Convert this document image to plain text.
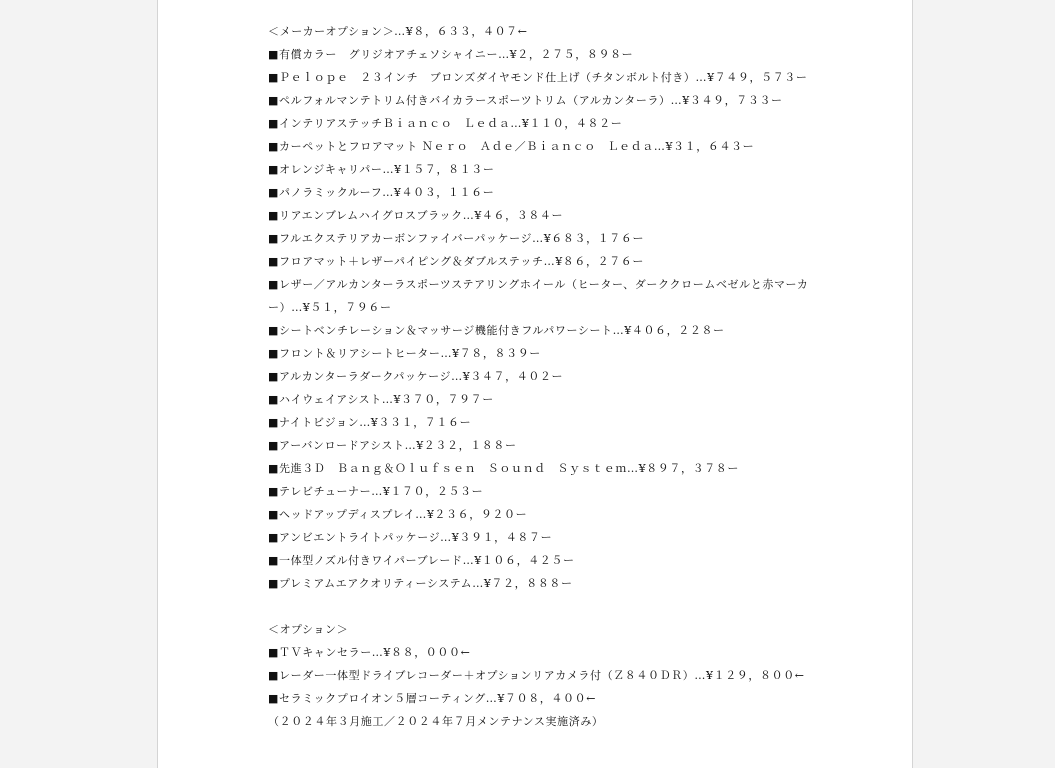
＜メーカーオプション＞…¥８，６３３，４０７←
■有償カラー　グリジオアチェソシャイニー…¥２，２７５，８９８ー
■Ｐｅｌｏｐｅ　２３インチ　ブロンズダイヤモンド仕上げ（チタンボルト付き）…¥７４９，５７３ー
■ペルフォルマンテトリム付きバイカラースポーツトリム（アルカンターラ）…¥３４９，７３３ー
■インテリアステッチＢｉａｎｃｏ　Ｌｅｄａ…¥１１０，４８２ー
■カーペットとフロアマット Ｎｅｒｏ　Ａｄｅ／Ｂｉａｎｃｏ　Ｌｅｄａ…¥３１，６４３ー
■オレンジキャリパー…¥１５７，８１３ー
■パノラミックルーフ…¥４０３，１１６ー
■リアエンブレムハイグロスブラック…¥４６，３８４ー
■フルエクステリアカーボンファイバーパッケージ…¥６８３，１７６ー
■フロアマット＋レザーパイピング＆ダブルステッチ…¥８６，２７６ー
■レザー／アルカンターラスポーツステアリングホイール（ヒーター、ダーククロームベゼルと赤マーカー）…¥５１，７９６ー
■シートベンチレーション＆マッサージ機能付きフルパワーシート…¥４０６，２２８ー
■フロント＆リアシートヒーター…¥７８，８３９ー
■アルカンターラダークパッケージ…¥３４７，４０２ー
■ハイウェイアシスト…¥３７０，７９７ー
■ナイトビジョン…¥３３１，７１６ー
■アーバンロードアシスト…¥２３２，１８８ー
■先進３Ｄ　Ｂａｎｇ＆Ｏｌｕｆｓｅｎ　Ｓｏｕｎｄ　Ｓｙｓｔｅｍ…¥８９７，３７８ー
■テレビチューナー…¥１７０，２５３ー
■ヘッドアップディスプレイ…¥２３６，９２０ー
■アンビエントライトパッケージ…¥３９１，４８７ー
■一体型ノズル付きワイパーブレード…¥１０６，４２５ー
■プレミアムエアクオリティーシステム…¥７２，８８８ー
＜オプション＞
■ＴＶキャンセラー…¥８８，０００←
■レーダー一体型ドライブレコーダー＋オプションリアカメラ付（Ｚ８４０ＤＲ）…¥１２９，８００←
■セラミックプロイオン５層コーティング…¥７０８，４００←
（２０２４年３月施工／２０２４年７月メンテナンス実施済み）
